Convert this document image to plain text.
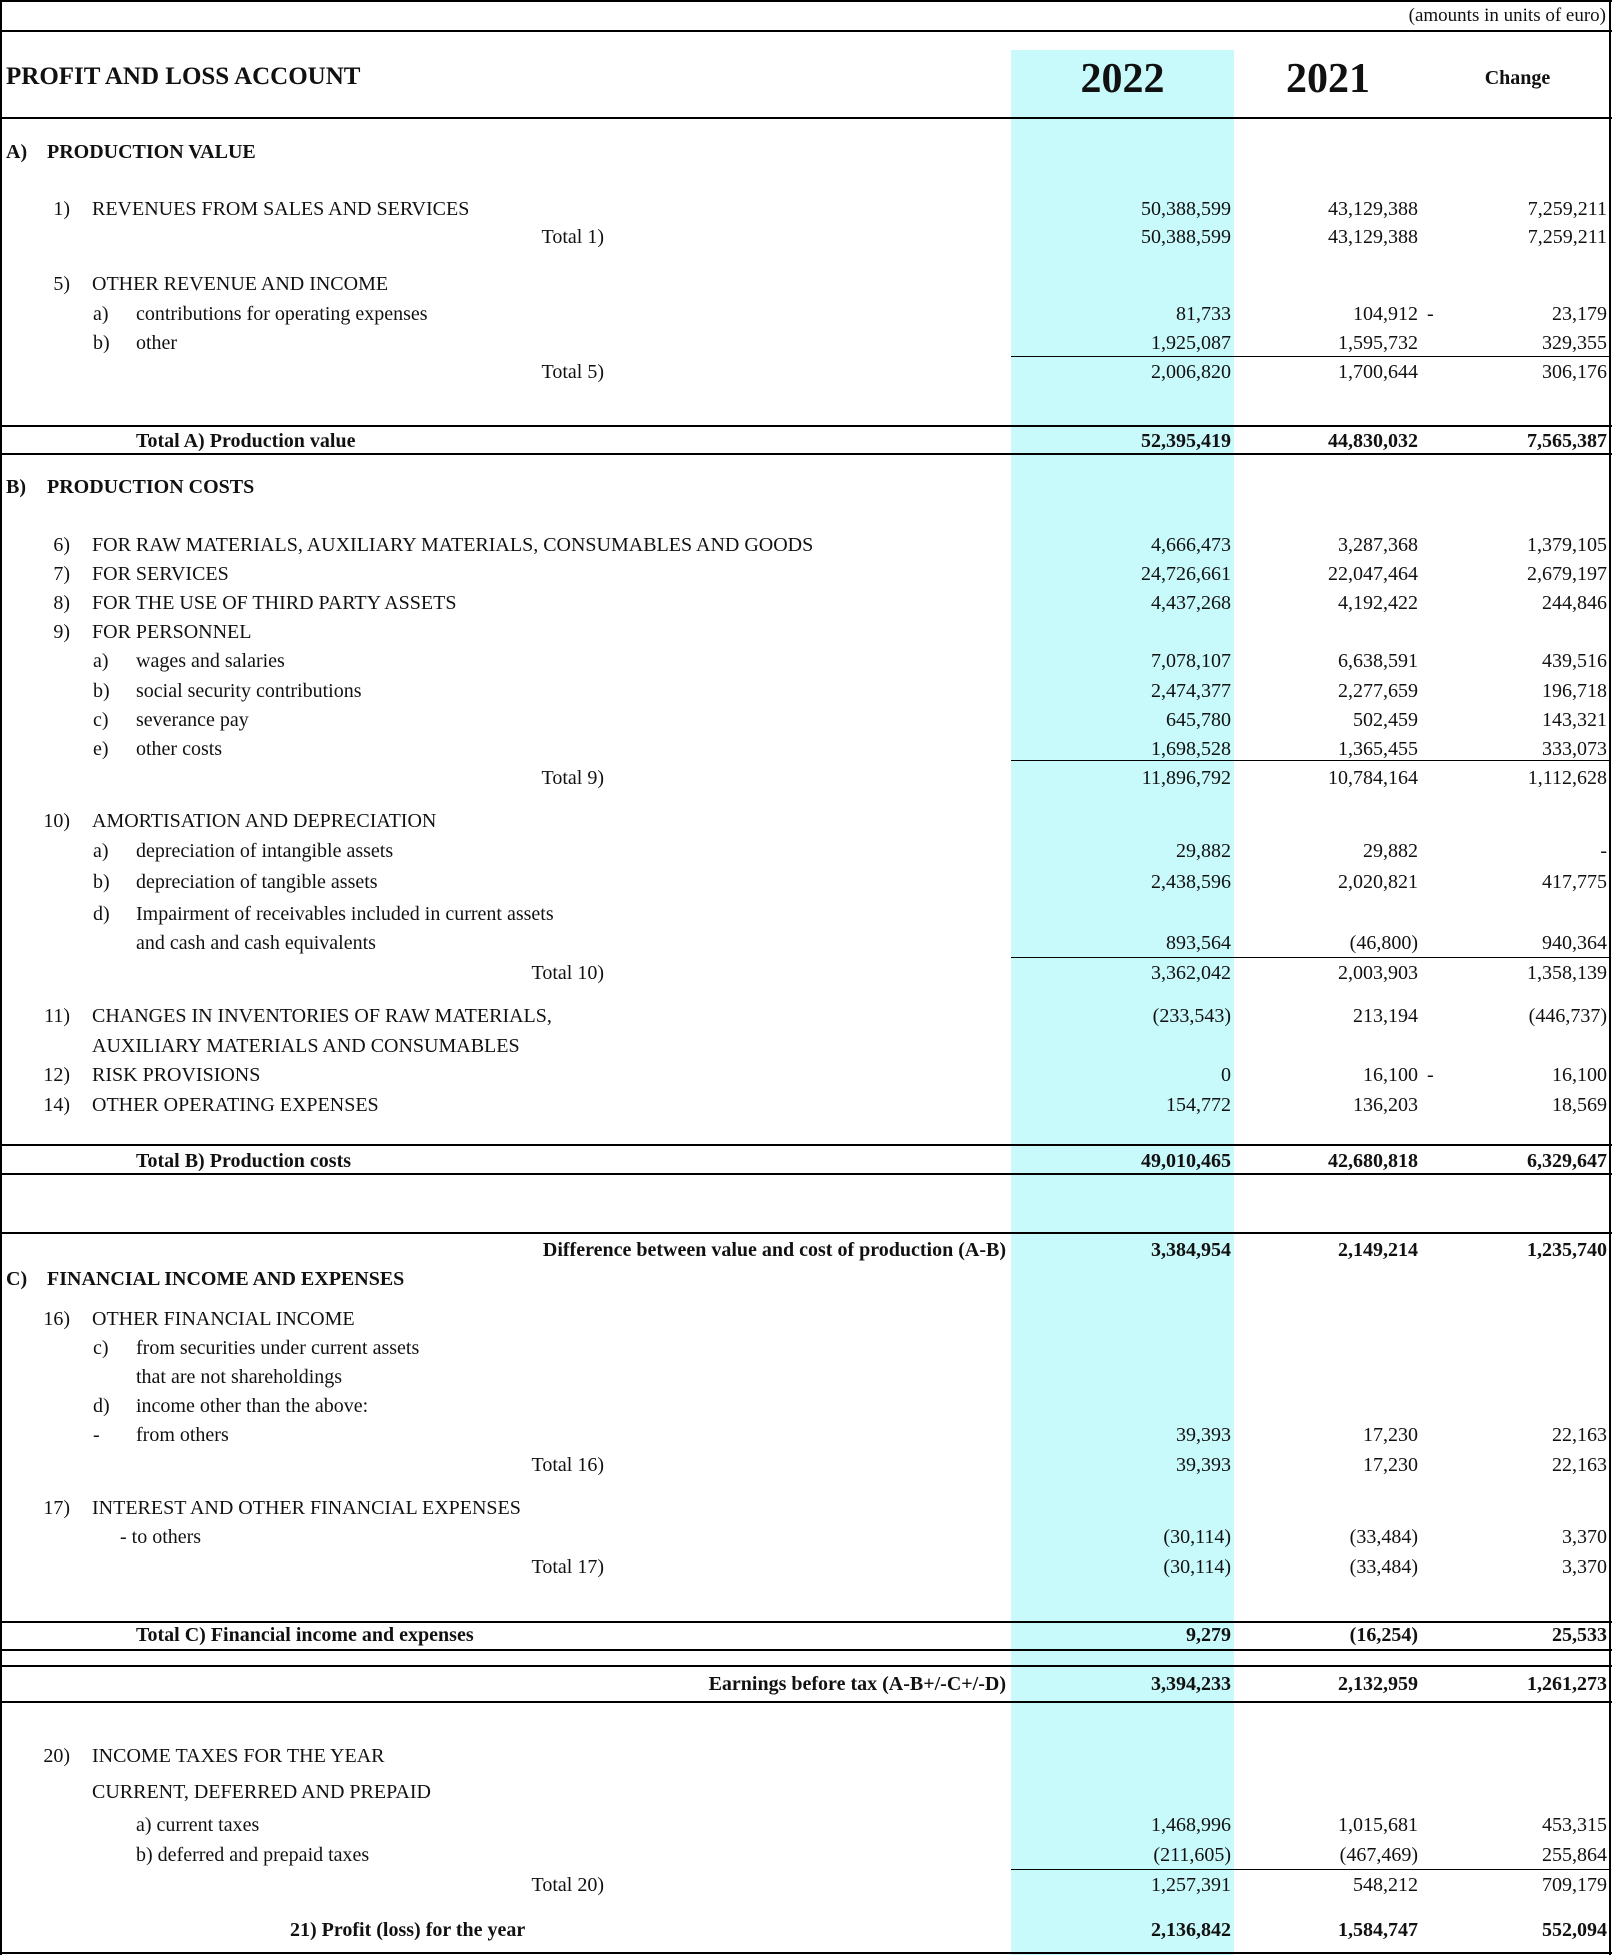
(amounts in units of euro)
PROFIT AND LOSS ACCOUNT	2022	2021	Change
A) PRODUCTION VALUE
1) REVENUES FROM SALES AND SERVICES	50,388,599	43,129,388	7,259,211
Total 1)	50,388,599	43,129,388	7,259,211
5) OTHER REVENUE AND INCOME
a) contributions for operating expenses	81,733	104,912 -	23,179
b) other	1,925,087	1,595,732	329,355
Total 5)	2,006,820	1,700,644	306,176
Total A) Production value	52,395,419	44,830,032	7,565,387
B) PRODUCTION COSTS
6) FOR RAW MATERIALS, AUXILIARY MATERIALS, CONSUMABLES AND GOODS	4,666,473	3,287,368	1,379,105
7) FOR SERVICES	24,726,661	22,047,464	2,679,197
8) FOR THE USE OF THIRD PARTY ASSETS	4,437,268	4,192,422	244,846
9) FOR PERSONNEL
a) wages and salaries	7,078,107	6,638,591	439,516
b) social security contributions	2,474,377	2,277,659	196,718
c) severance pay	645,780	502,459	143,321
e) other costs	1,698,528	1,365,455	333,073
Total 9)	11,896,792	10,784,164	1,112,628
10) AMORTISATION AND DEPRECIATION
a) depreciation of intangible assets	29,882	29,882	-
b) depreciation of tangible assets	2,438,596	2,020,821	417,775
d) Impairment of receivables included in current assets
and cash and cash equivalents	893,564	(46,800)	940,364
Total 10)	3,362,042	2,003,903	1,358,139
11) CHANGES IN INVENTORIES OF RAW MATERIALS,	(233,543)	213,194	(446,737)
AUXILIARY MATERIALS AND CONSUMABLES
12) RISK PROVISIONS	0	16,100 -	16,100
14) OTHER OPERATING EXPENSES	154,772	136,203	18,569
Total B) Production costs	49,010,465	42,680,818	6,329,647
Difference between value and cost of production (A-B)	3,384,954	2,149,214	1,235,740
C) FINANCIAL INCOME AND EXPENSES
16) OTHER FINANCIAL INCOME
c) from securities under current assets
that are not shareholdings
d) income other than the above:
- from others	39,393	17,230	22,163
Total 16)	39,393	17,230	22,163
17) INTEREST AND OTHER FINANCIAL EXPENSES
- to others	(30,114)	(33,484)	3,370
Total 17)	(30,114)	(33,484)	3,370
Total C) Financial income and expenses	9,279	(16,254)	25,533
Earnings before tax (A-B+/-C+/-D)	3,394,233	2,132,959	1,261,273
20) INCOME TAXES FOR THE YEAR
CURRENT, DEFERRED AND PREPAID
a) current taxes	1,468,996	1,015,681	453,315
b) deferred and prepaid taxes	(211,605)	(467,469)	255,864
Total 20)	1,257,391	548,212	709,179
21) Profit (loss) for the year	2,136,842	1,584,747	552,094
